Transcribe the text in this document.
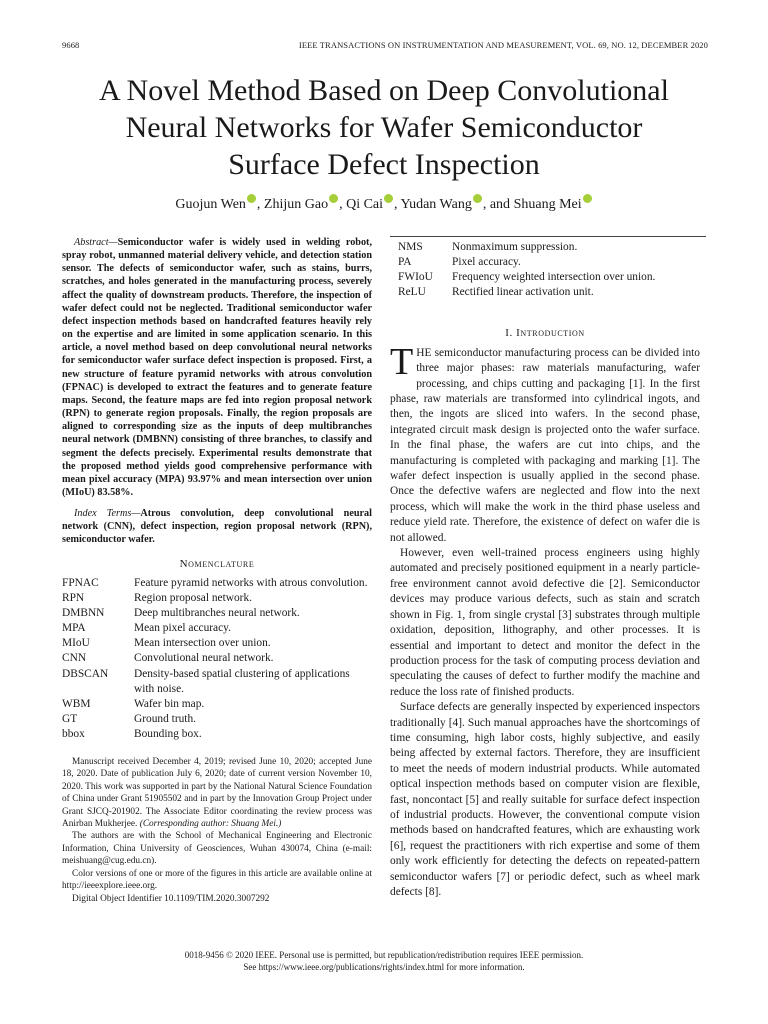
9668	IEEE TRANSACTIONS ON INSTRUMENTATION AND MEASUREMENT, VOL. 69, NO. 12, DECEMBER 2020
A Novel Method Based on Deep Convolutional
Neural Networks for Wafer Semiconductor
Surface Defect Inspection
Guojun Wen , Zhijun Gao , Qi Cai , Yudan Wang , and Shuang Mei

Abstract—Semiconductor wafer is widely used in welding robot, spray robot, unmanned material delivery vehicle, and detection station sensor. The defects of semiconductor wafer, such as stains, burrs, scratches, and holes generated in the manufacturing process, severely affect the quality of downstream products. Therefore, the inspection of wafer defect could not be neglected. Traditional semiconductor wafer defect inspection methods based on handcrafted features heavily rely on the expertise and are limited in some application scenario. In this article, a novel method based on deep convolutional neural networks for semiconductor wafer surface defect inspection is proposed. First, a new structure of feature pyramid networks with atrous convolution (FPNAC) is developed to extract the features and to generate feature maps. Second, the feature maps are fed into region proposal network (RPN) to generate region proposals. Finally, the region proposals are aligned to corresponding size as the inputs of deep multibranches neural network (DMBNN) consisting of three branches, to classify and segment the defects precisely. Experimental results demonstrate that the proposed method yields good comprehensive performance with mean pixel accuracy (MPA) 93.97% and mean intersection over union (MIoU) 83.58%.

Index Terms—Atrous convolution, deep convolutional neural network (CNN), defect inspection, region proposal network (RPN), semiconductor wafer.

Nomenclature
FPNAC	Feature pyramid networks with atrous convolution.
RPN	Region proposal network.
DMBNN	Deep multibranches neural network.
MPA	Mean pixel accuracy.
MIoU	Mean intersection over union.
CNN	Convolutional neural network.
DBSCAN	Density-based spatial clustering of applications with noise.
WBM	Wafer bin map.
GT	Ground truth.
bbox	Bounding box.

Manuscript received December 4, 2019; revised June 10, 2020; accepted June 18, 2020. Date of publication July 6, 2020; date of current version November 10, 2020. This work was supported in part by the National Natural Science Foundation of China under Grant 51905502 and in part by the Innovation Group Project under Grant SJCQ-201902. The Associate Editor coordinating the review process was Anirban Mukherjee. (Corresponding author: Shuang Mei.)

The authors are with the School of Mechanical Engineering and Electronic Information, China University of Geosciences, Wuhan 430074, China (e-mail: meishuang@cug.edu.cn).

Color versions of one or more of the figures in this article are available online at http://ieeexplore.ieee.org.

Digital Object Identifier 10.1109/TIM.2020.3007292

NMS	Nonmaximum suppression.
PA	Pixel accuracy.
FWIoU	Frequency weighted intersection over union.
ReLU	Rectified linear activation unit.
I. Introduction

THE semiconductor manufacturing process can be divided into three major phases: raw materials manufacturing, wafer processing, and chips cutting and packaging [1]. In the first phase, raw materials are transformed into cylindrical ingots, and then, the ingots are sliced into wafers. In the second phase, integrated circuit mask design is projected onto the wafer surface. In the final phase, the wafers are cut into chips, and the manufacturing is completed with packaging and marking [1]. The wafer defect inspection is usually applied in the second phase. Once the defective wafers are neglected and flow into the next process, which will make the work in the third phase useless and reduce yield rate. Therefore, the existence of defect on wafer die is not allowed.

However, even well-trained process engineers using highly automated and precisely positioned equipment in a nearly particle-free environment cannot avoid defective die [2]. Semiconductor devices may produce various defects, such as stain and scratch shown in Fig. 1, from single crystal [3] substrates through multiple oxidation, deposition, lithography, and other processes. It is essential and important to detect and monitor the defect in the production process for the task of computing process deviation and speculating the causes of defect to further modify the machine and reduce the loss rate of finished products.

Surface defects are generally inspected by experienced inspectors traditionally [4]. Such manual approaches have the shortcomings of time consuming, high labor costs, highly subjective, and easily being affected by external factors. Therefore, they are insufficient to meet the needs of modern industrial products. While automated optical inspection methods based on computer vision are flexible, fast, noncontact [5] and really suitable for surface defect inspection of industrial products. However, the conventional compute vision methods based on handcrafted features, which are exhausting work [6], request the practitioners with rich expertise and some of them only work efficiently for detecting the defects on repeated-pattern semiconductor wafers [7] or periodic defect, such as wheel mark defects [8].

0018-9456 © 2020 IEEE. Personal use is permitted, but republication/redistribution requires IEEE permission.
See https://www.ieee.org/publications/rights/index.html for more information.
